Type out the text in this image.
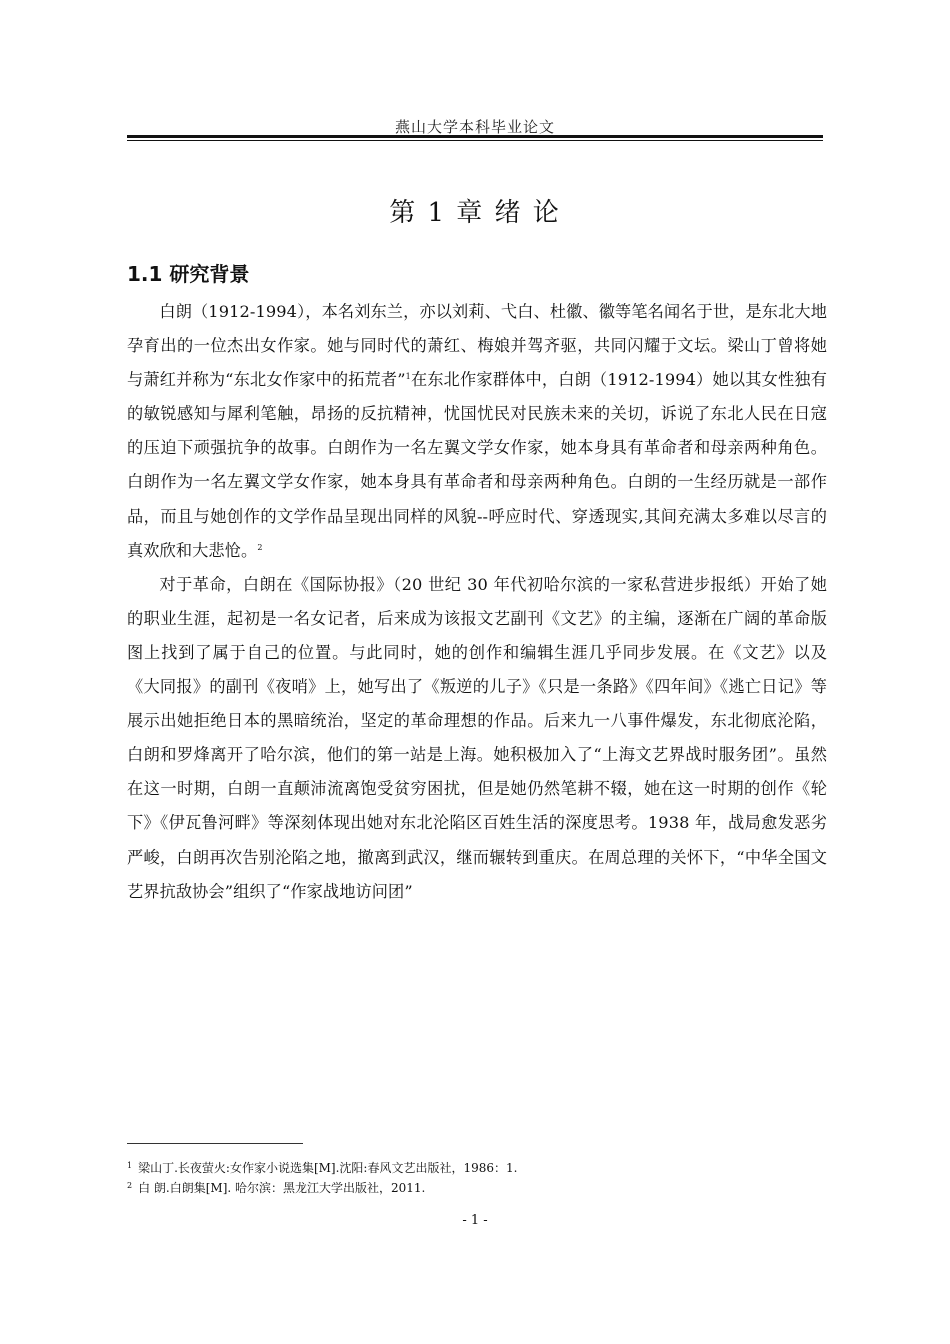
燕山大学本科毕业论文
第 1 章 绪 论
1.1 研究背景

白朗（1912-1994），本名刘东兰，亦以刘莉、弋白、杜徽、徽等笔名闻名于世，是东北大地孕育出的一位杰出女作家。她与同时代的萧红、梅娘并驾齐驱，共同闪耀于文坛。梁山丁曾将她与萧红并称为“东北女作家中的拓荒者”$^1$在东北作家群体中，白朗（1912-1994）她以其女性独有的敏锐感知与犀利笔触，昂扬的反抗精神，忧国忧民对民族未来的关切，诉说了东北人民在日寇的压迫下顽强抗争的故事。白朗作为一名左翼文学女作家，她本身具有革命者和母亲两种角色。白朗作为一名左翼文学女作家，她本身具有革命者和母亲两种角色。白朗的一生经历就是一部作品，而且与她创作的文学作品呈现出同样的风貌--呼应时代、穿透现实,其间充满太多难以尽言的真欢欣和大悲怆。$^2$

对于革命，白朗在《国际协报》（20 世纪 30 年代初哈尔滨的一家私营进步报纸）开始了她的职业生涯，起初是一名女记者，后来成为该报文艺副刊《文艺》的主编，逐渐在广阔的革命版图上找到了属于自己的位置。与此同时，她的创作和编辑生涯几乎同步发展。在《文艺》以及《大同报》的副刊《夜哨》上，她写出了《叛逆的儿子》《只是一条路》《四年间》《逃亡日记》等展示出她拒绝日本的黑暗统治，坚定的革命理想的作品。后来九一八事件爆发，东北彻底沦陷，白朗和罗烽离开了哈尔滨，他们的第一站是上海。她积极加入了“上海文艺界战时服务团”。虽然在这一时期，白朗一直颠沛流离饱受贫穷困扰，但是她仍然笔耕不辍，她在这一时期的创作《轮下》《伊瓦鲁河畔》等深刻体现出她对东北沦陷区百姓生活的深度思考。1938 年，战局愈发恶劣严峻，白朗再次告别沦陷之地，撤离到武汉，继而辗转到重庆。在周总理的关怀下，“中华全国文艺界抗敌协会”组织了“作家战地访问团”

$^1$ 梁山丁.长夜萤火:女作家小说选集[M].沈阳:春风文艺出版社，1986：1.

$^2$ 白 朗.白朗集[M]. 哈尔滨：黑龙江大学出版社，2011.

- 1 -
